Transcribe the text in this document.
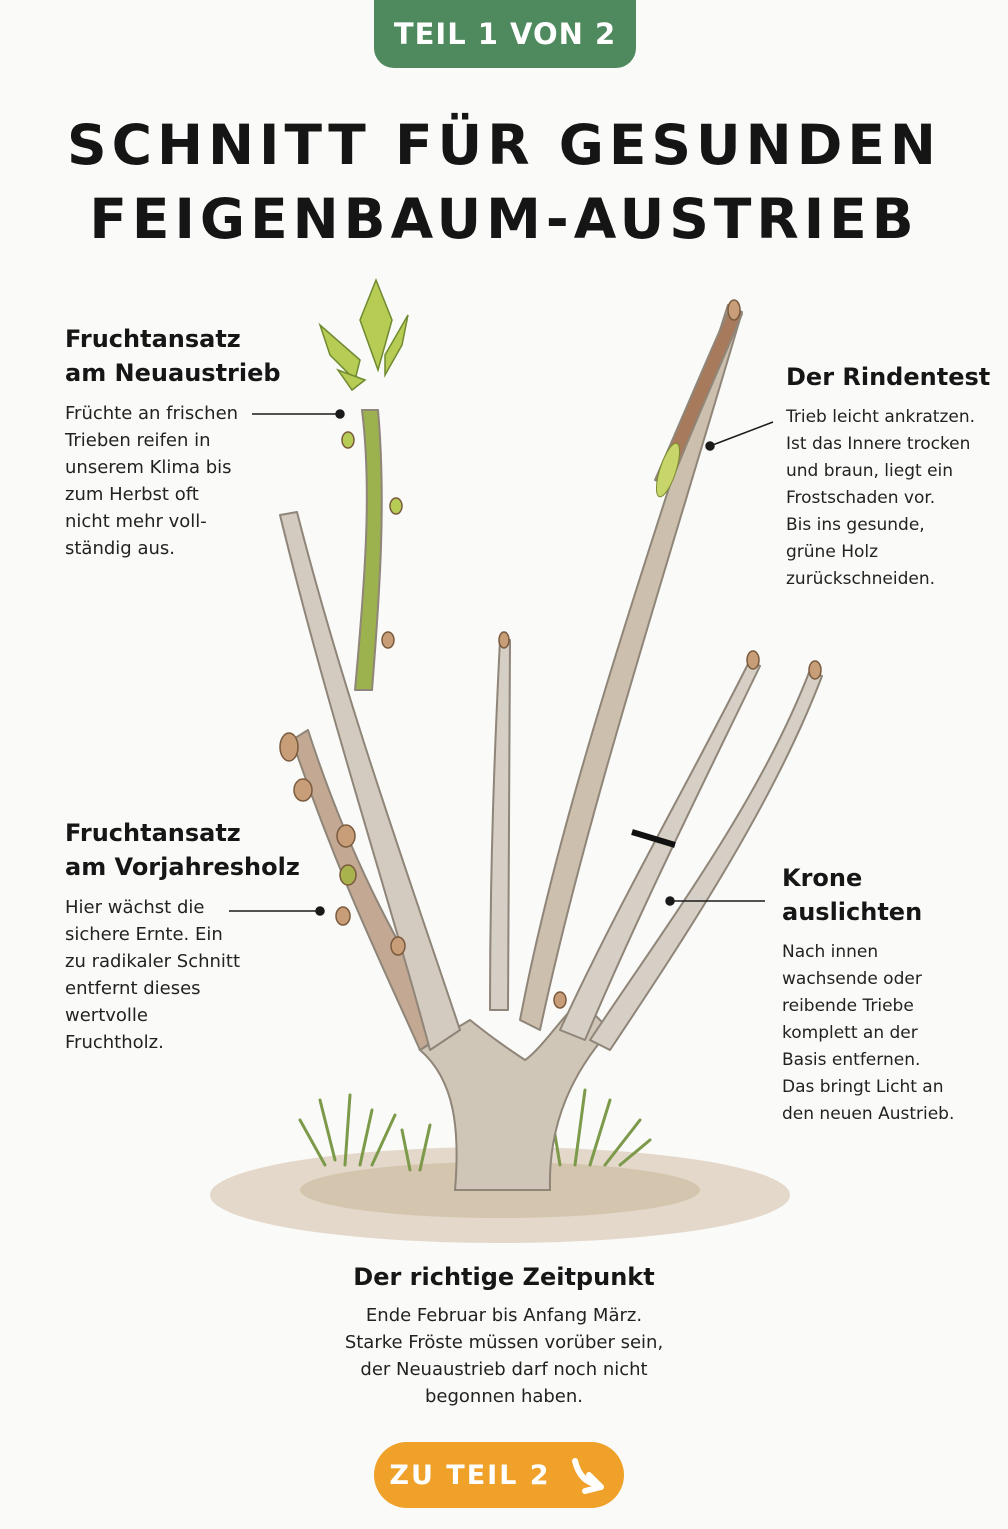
TEIL 1 VON 2
SCHNITT FÜR GESUNDEN
FEIGENBAUM-AUSTRIEB
Fruchtansatz
am Neuaustrieb

Früchte an frischen
Trieben reifen in
unserem Klima bis
zum Herbst oft
nicht mehr voll-
ständig aus.

Der Rindentest

Trieb leicht ankratzen.
Ist das Innere trocken
und braun, liegt ein
Frostschaden vor.
Bis ins gesunde,
grüne Holz
zurückschneiden.

Fruchtansatz
am Vorjahresholz

Hier wächst die
sichere Ernte. Ein
zu radikaler Schnitt
entfernt dieses
wertvolle
Fruchtholz.

Krone
auslichten

Nach innen
wachsende oder
reibende Triebe
komplett an der
Basis entfernen.
Das bringt Licht an
den neuen Austrieb.

Der richtige Zeitpunkt

Ende Februar bis Anfang März.
Starke Fröste müssen vorüber sein,
der Neuaustrieb darf noch nicht
begonnen haben.

ZU TEIL 2
